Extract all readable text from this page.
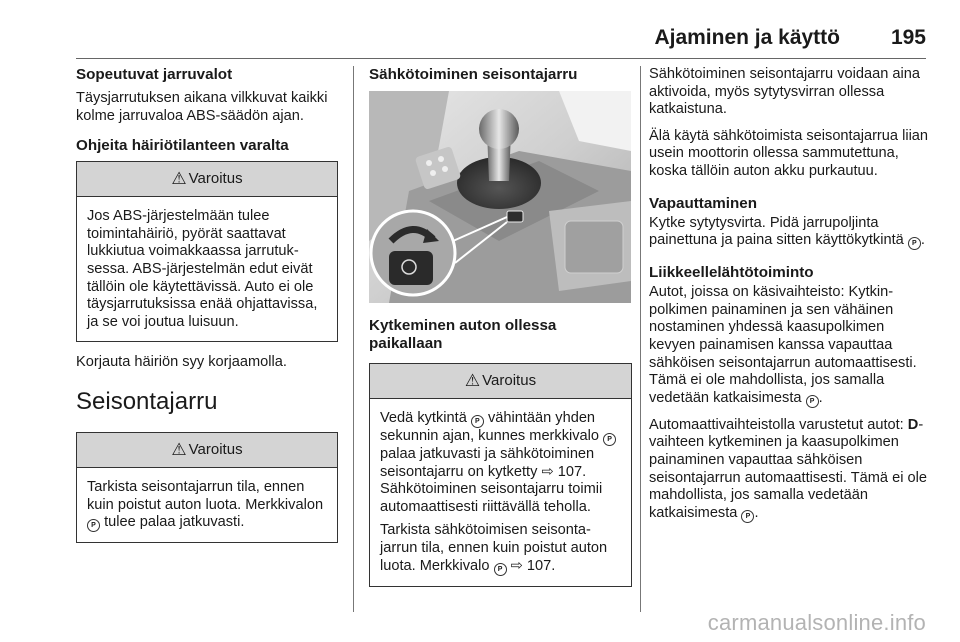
Ajaminen ja käyttö 195
Sopeutuvat jarruvalot

Täysjarrutuksen aikana vilkkuvat kaikki kolme jarruvaloa ABS-säädön ajan.

Ohjeita häiriötilanteen varalta
⚠ Varoitus

Jos ABS-järjestelmään tulee toimintahäiriö, pyörät saattavat lukkiutua voimakkaassa jarrutuksessa. ABS-järjestelmän edut eivät tällöin ole käytettävissä. Auto ei ole täysjarrutuksissa enää ohjattavissa, ja se voi joutua luisuun.

Korjauta häiriön syy korjaamolla.

Seisontajarru
⚠ Varoitus

Tarkista seisontajarrun tila, ennen kuin poistut auton luota. Merkkivalon P tulee palaa jatkuvasti.

Sähkötoiminen seisontajarru
Kytkeminen auton ollessa paikallaan
⚠ Varoitus

Vedä kytkintä P vähintään yhden sekunnin ajan, kunnes merkkivalo P palaa jatkuvasti ja sähkötoiminen seisontajarru on kytketty ⇨ 107. Sähkötoiminen seisontajarru toimii automaattisesti riittävällä teholla.

Tarkista sähkötoimisen seisontajarrun tila, ennen kuin poistut auton luota. Merkkivalo P ⇨ 107.

Sähkötoiminen seisontajarru voidaan aina aktivoida, myös sytytysvirran ollessa katkaistuna.

Älä käytä sähkötoimista seisontajarrua liian usein moottorin ollessa sammutettuna, koska tällöin auton akku purkautuu.

Vapauttaminen

Kytke sytytysvirta. Pidä jarrupoljinta painettuna ja paina sitten käyttökytkintä P .

Liikkeellelähtötoiminto

Autot, joissa on käsivaihteisto: Kytkinpolkimen painaminen ja sen vähäinen nostaminen yhdessä kaasupolkimen kevyen painamisen kanssa vapauttaa sähköisen seisontajarrun automaattisesti. Tämä ei ole mahdollista, jos samalla vedetään katkaisimesta P .

Automaattivaihteistolla varustetut autot: D-vaihteen kytkeminen ja kaasupolkimen painaminen vapauttaa sähköisen seisontajarrun automaattisesti. Tämä ei ole mahdollista, jos samalla vedetään katkaisimesta P .

carmanualsonline.info
